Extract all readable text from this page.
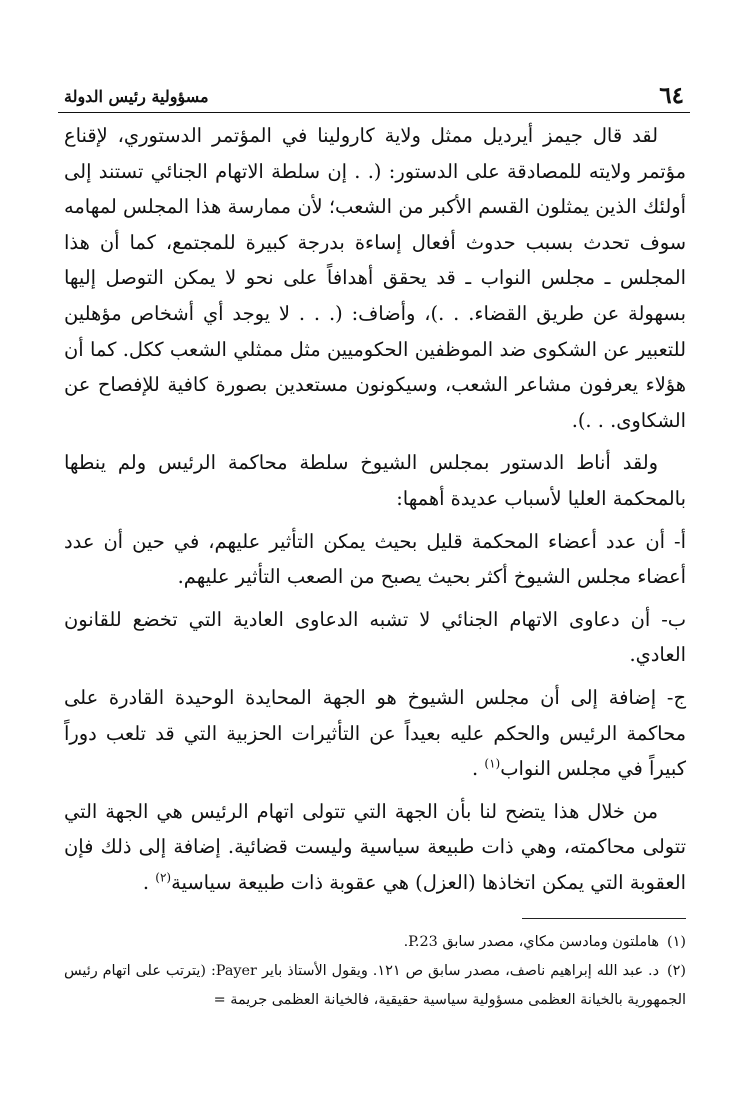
٦٤
مسؤولية رئيس الدولة

لقد قال جيمز أيرديل ممثل ولاية كارولينا في المؤتمر الدستوري، لإقناع مؤتمر ولايته للمصادقة على الدستور: (. . إن سلطة الاتهام الجنائي تستند إلى أولئك الذين يمثلون القسم الأكبر من الشعب؛ لأن ممارسة هذا المجلس لمهامه سوف تحدث بسبب حدوث أفعال إساءة بدرجة كبيرة للمجتمع، كما أن هذا المجلس ـ مجلس النواب ـ قد يحقق أهدافاً على نحو لا يمكن التوصل إليها بسهولة عن طريق القضاء. . .)، وأضاف: (. . . لا يوجد أي أشخاص مؤهلين للتعبير عن الشكوى ضد الموظفين الحكوميين مثل ممثلي الشعب ككل. كما أن هؤلاء يعرفون مشاعر الشعب، وسيكونون مستعدين بصورة كافية للإفصاح عن الشكاوى. . .).

ولقد أناط الدستور بمجلس الشيوخ سلطة محاكمة الرئيس ولم ينطها بالمحكمة العليا لأسباب عديدة أهمها:

أ- أن عدد أعضاء المحكمة قليل بحيث يمكن التأثير عليهم، في حين أن عدد أعضاء مجلس الشيوخ أكثر بحيث يصبح من الصعب التأثير عليهم.

ب- أن دعاوى الاتهام الجنائي لا تشبه الدعاوى العادية التي تخضع للقانون العادي.

ج- إضافة إلى أن مجلس الشيوخ هو الجهة المحايدة الوحيدة القادرة على محاكمة الرئيس والحكم عليه بعيداً عن التأثيرات الحزبية التي قد تلعب دوراً كبيراً في مجلس النواب$^{(١)}$ .

من خلال هذا يتضح لنا بأن الجهة التي تتولى اتهام الرئيس هي الجهة التي تتولى محاكمته، وهي ذات طبيعة سياسية وليست قضائية. إضافة إلى ذلك فإن العقوبة التي يمكن اتخاذها (العزل) هي عقوبة ذات طبيعة سياسية$^{(٢)}$ .

(١)هاملتون ومادسن مكاي، مصدر سابق P.23.

(٢)د. عبد الله إبراهيم ناصف، مصدر سابق ص ١٢١. ويقول الأستاذ باير Payer: (يترتب على اتهام رئيس الجمهورية بالخيانة العظمى مسؤولية سياسية حقيقية، فالخيانة العظمى جريمة =
